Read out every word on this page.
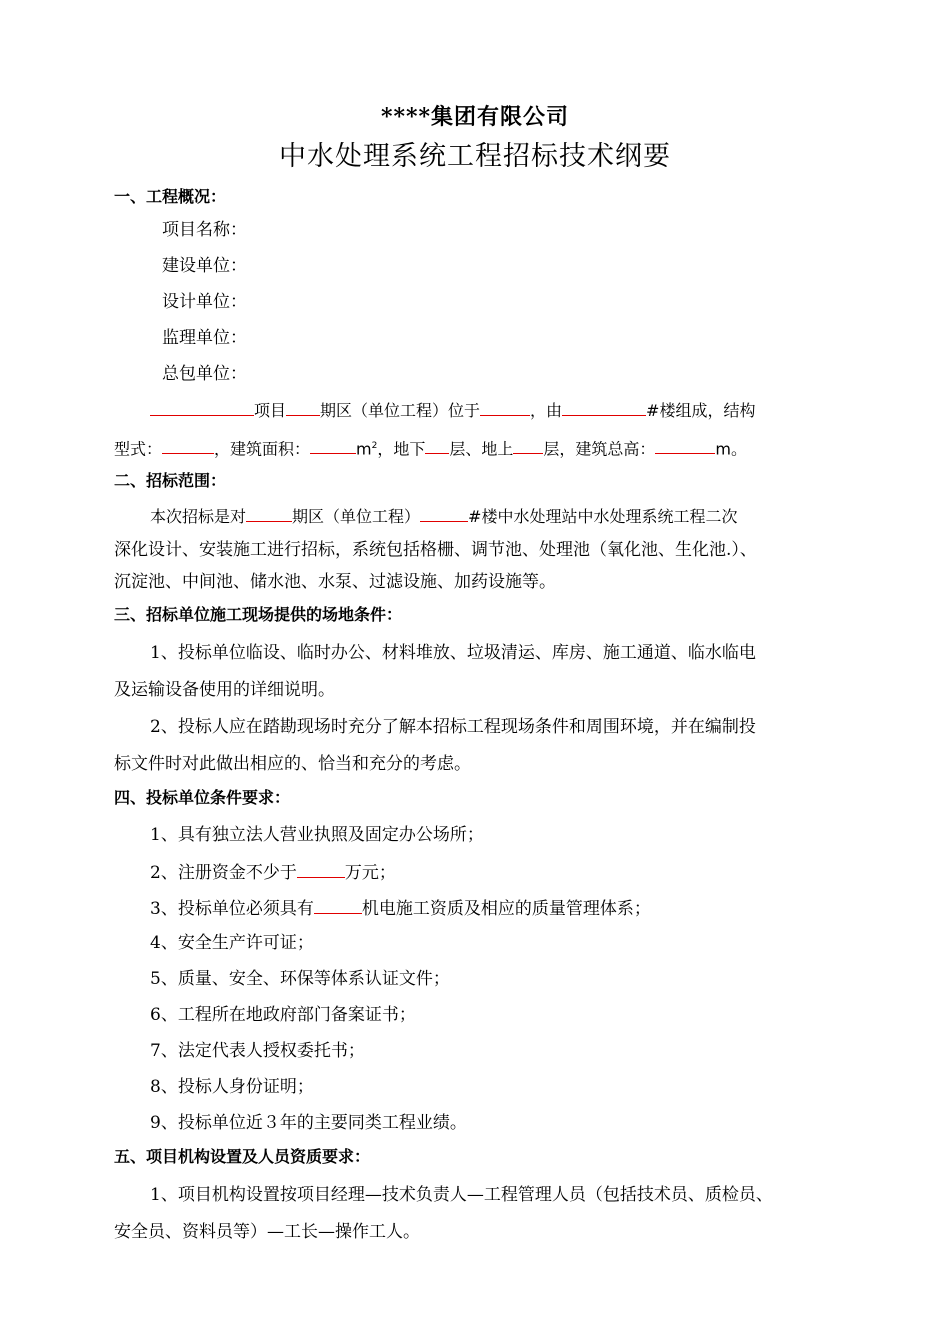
****集团有限公司
中水处理系统工程招标技术纲要
一、工程概况：
项目名称：
建设单位：
设计单位：
监理单位：
总包单位：
项目 期区（单位工程）位于	，由	#楼组成，结构
型式：	，建筑面积：	$m^2$，地下 层、地上 层，建筑总高：	m。
二、招标范围：
本次招标是对	期区（单位工程）	#楼中水处理站中水处理系统工程二次
深化设计、安装施工进行招标，系统包括格栅、调节池、处理池（氧化池、生化池.）、
沉淀池、中间池、储水池、水泵、过滤设施、加药设施等。
三、招标单位施工现场提供的场地条件：
1、投标单位临设、临时办公、材料堆放、垃圾清运、库房、施工通道、临水临电
及运输设备使用的详细说明。
2、投标人应在踏勘现场时充分了解本招标工程现场条件和周围环境，并在编制投
标文件时对此做出相应的、恰当和充分的考虑。
四、投标单位条件要求：
1、具有独立法人营业执照及固定办公场所；
2、注册资金不少于	万元；
3、投标单位必须具有	机电施工资质及相应的质量管理体系；
4、安全生产许可证；
5、质量、安全、环保等体系认证文件；
6、工程所在地政府部门备案证书；
7、法定代表人授权委托书；
8、投标人身份证明；
9、投标单位近３年的主要同类工程业绩。
五、项目机构设置及人员资质要求：
1、项目机构设置按项目经理—技术负责人—工程管理人员（包括技术员、质检员、
安全员、资料员等）—工长—操作工人。
